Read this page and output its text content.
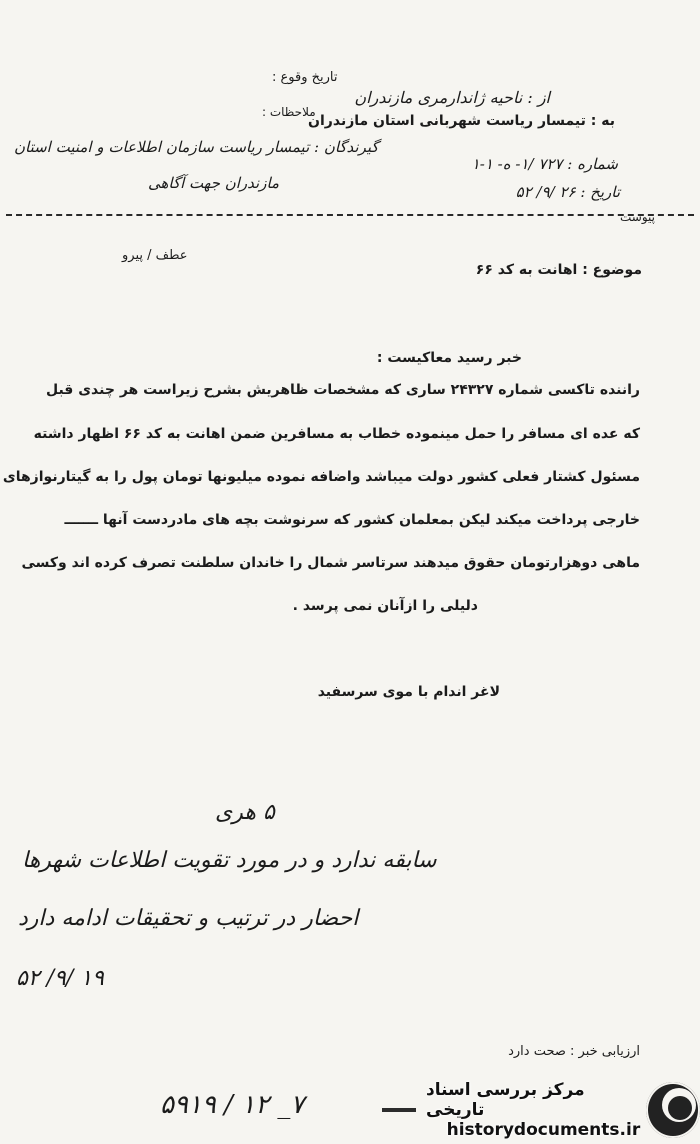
از : ناحیه ژاندارمری مازندران
به : تیمسار ریاست شهربانی استان مازندران
شماره : ۷۲۷ /۱- ه- ۱-۱
تاریخ : ۲۶ /۹/ ۵۲
پیوست
تاریخ وقوع :
ملاحظات :
گیرندگان : تیمسار ریاست سازمان اطلاعات و امنیت استان
مازندران جهت آگاهی
عطف / پیرو
موضوع : اهانت به کد ۶۶
خبر رسید معاکیست :
راننده تاکسی شماره ۲۴۳۲۷ ساری که مشخصات ظاهریش بشرح زیراست هر چندی قبل
که عده ای مسافر را حمل مینموده خطاب به مسافرین ضمن اهانت به کد ۶۶ اظهار داشته
مسئول کشتار فعلی کشور دولت میباشد واضافه نموده میلیونها تومان پول را به گیتارنوازهای
خارجی پرداخت میکند لیکن بمعلمان کشور که سرنوشت بچه های مادردست آنها ـــــــ
ماهی دوهزارتومان حقوق میدهند سرتاسر شمال را خاندان سلطنت تصرف کرده اند وکسی
دلیلی را ازآنان نمی پرسد .
لاغر اندام با موی سرسفید
۵ هری
سابقه ندارد و در مورد تقویت اطلاعات شهرها
احضار در ترتیب و تحقیقات ادامه دارد
۱۹ /۹/ ۵۲
ارزیابی خبر : صحت دارد
۵۹۱۹ / ۱۲ _۷	مرکز بررسی اسناد تاریخی
historydocuments.ir
